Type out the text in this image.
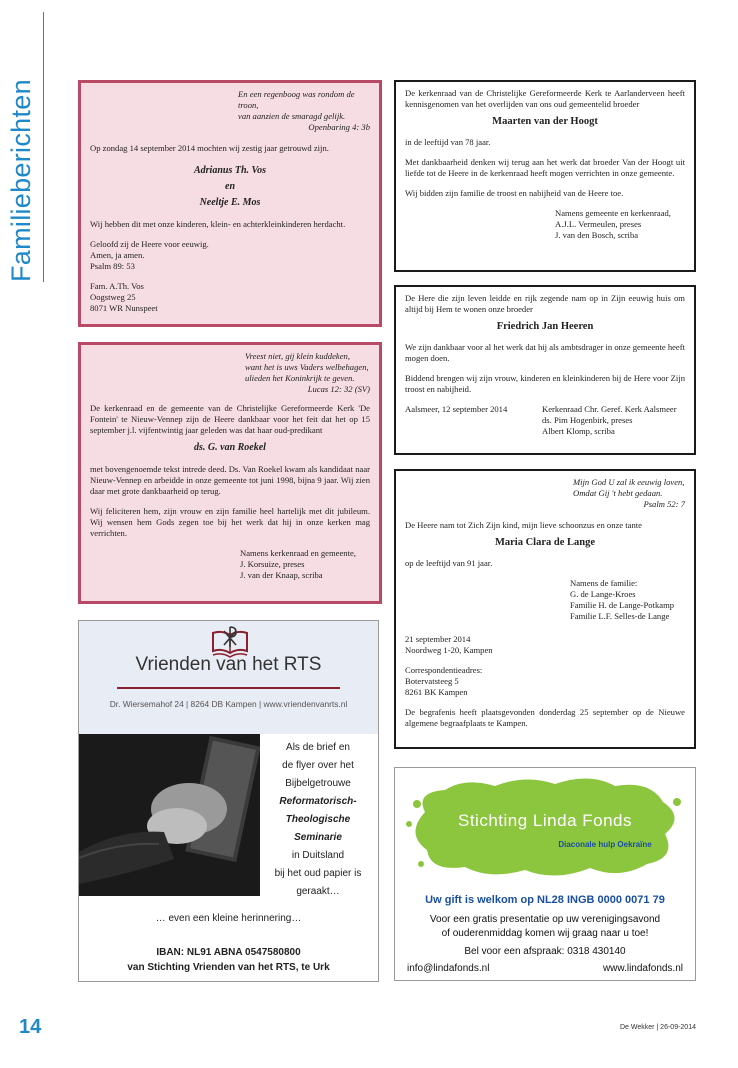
Familieberichten	En een regenboog was rondom de troon,
van aanzien de smaragd gelijk.
Openbaring 4: 3b

Op zondag 14 september 2014 mochten wij zestig jaar getrouwd zijn.

Adrianus Th. Vos
en
Neeltje E. Mos

Wij hebben dit met onze kinderen, klein- en achterkleinkinderen herdacht.

Geloofd zij de Heere voor eeuwig.
Amen, ja amen.
Psalm 89: 53

Fam. A.Th. Vos
Oogstweg 25
8071 WR Nunspeet
Vreest niet, gij klein kuddeken,
want het is uws Vaders welbehagen,
ulieden het Koninkrijk te geven.
Lucas 12: 32 (SV)

De kerkenraad en de gemeente van de Christelijke Gereformeerde Kerk 'De Fontein' te Nieuw-Vennep zijn de Heere dankbaar voor het feit dat het op 15 september j.l. vijfentwintig jaar geleden was dat haar oud-predikant

ds. G. van Roekel

met bovengenoemde tekst intrede deed. Ds. Van Roekel kwam als kandidaat naar Nieuw-Vennep en arbeidde in onze gemeente tot juni 1998, bijna 9 jaar. Wij zien daar met grote dankbaarheid op terug.

Wij feliciteren hem, zijn vrouw en zijn familie heel hartelijk met dit jubileum. Wij wensen hem Gods zegen toe bij het werk dat hij in onze kerken mag verrichten.

Namens kerkenraad en gemeente,
J. Korsuize, preses
J. van der Knaap, scriba

De kerkenraad van de Christelijke Gereformeerde Kerk te Aarlanderveen heeft kennisgenomen van het overlijden van ons oud gemeentelid broeder

Maarten van der Hoogt

in de leeftijd van 78 jaar.

Met dankbaarheid denken wij terug aan het werk dat broeder Van der Hoogt uit liefde tot de Heere in de kerkenraad heeft mogen verrichten in onze gemeente.

Wij bidden zijn familie de troost en nabijheid van de Heere toe.

Namens gemeente en kerkenraad,
A.J.L. Vermeulen, preses
J. van den Bosch, scriba

De Here die zijn leven leidde en rijk zegende nam op in Zijn eeuwig huis om altijd bij Hem te wonen onze broeder

Friedrich Jan Heeren

We zijn dankbaar voor al het werk dat hij als ambtsdrager in onze gemeente heeft mogen doen.

Biddend brengen wij zijn vrouw, kinderen en kleinkinderen bij de Here voor Zijn troost en nabijheid.

Aalsmeer, 12 september 2014	Kerkenraad Chr. Geref. Kerk Aalsmeer
ds. Pim Hogenbirk, preses
Albert Klomp, scriba
Mijn God U zal ik eeuwig loven,
Omdat Gij 't hebt gedaan.
Psalm 52: 7

De Heere nam tot Zich Zijn kind, mijn lieve schoonzus en onze tante

Maria Clara de Lange

op de leeftijd van 91 jaar.

Namens de familie:
G. de Lange-Kroes
Familie H. de Lange-Potkamp
Familie L.F. Selles-de Lange

21 september 2014
Noordweg 1-20, Kampen

Correspondentieadres:
Botervatsteeg 5
8261 BK Kampen

De begrafenis heeft plaatsgevonden donderdag 25 september op de Nieuwe algemene begraafplaats te Kampen.

Vrienden van het RTS
Dr. Wiersemahof 24 | 8264 DB Kampen | www.vriendenvanrts.nl
Als de brief en
de flyer over het
Bijbelgetrouwe
Reformatorisch-
Theologische
Seminarie
in Duitsland
bij het oud papier is
geraakt…
… even een kleine herinnering…
IBAN: NL91 ABNA 0547580800
van Stichting Vrienden van het RTS, te Urk
Stichting Linda Fonds
Diaconale hulp Oekraïne
Uw gift is welkom op NL28 INGB 0000 0071 79
Voor een gratis presentatie op uw verenigingsavond
of ouderenmiddag komen wij graag naar u toe!
Bel voor een afspraak: 0318 430140
info@lindafonds.nl	www.lindafonds.nl
14	De Wekker | 26-09-2014
